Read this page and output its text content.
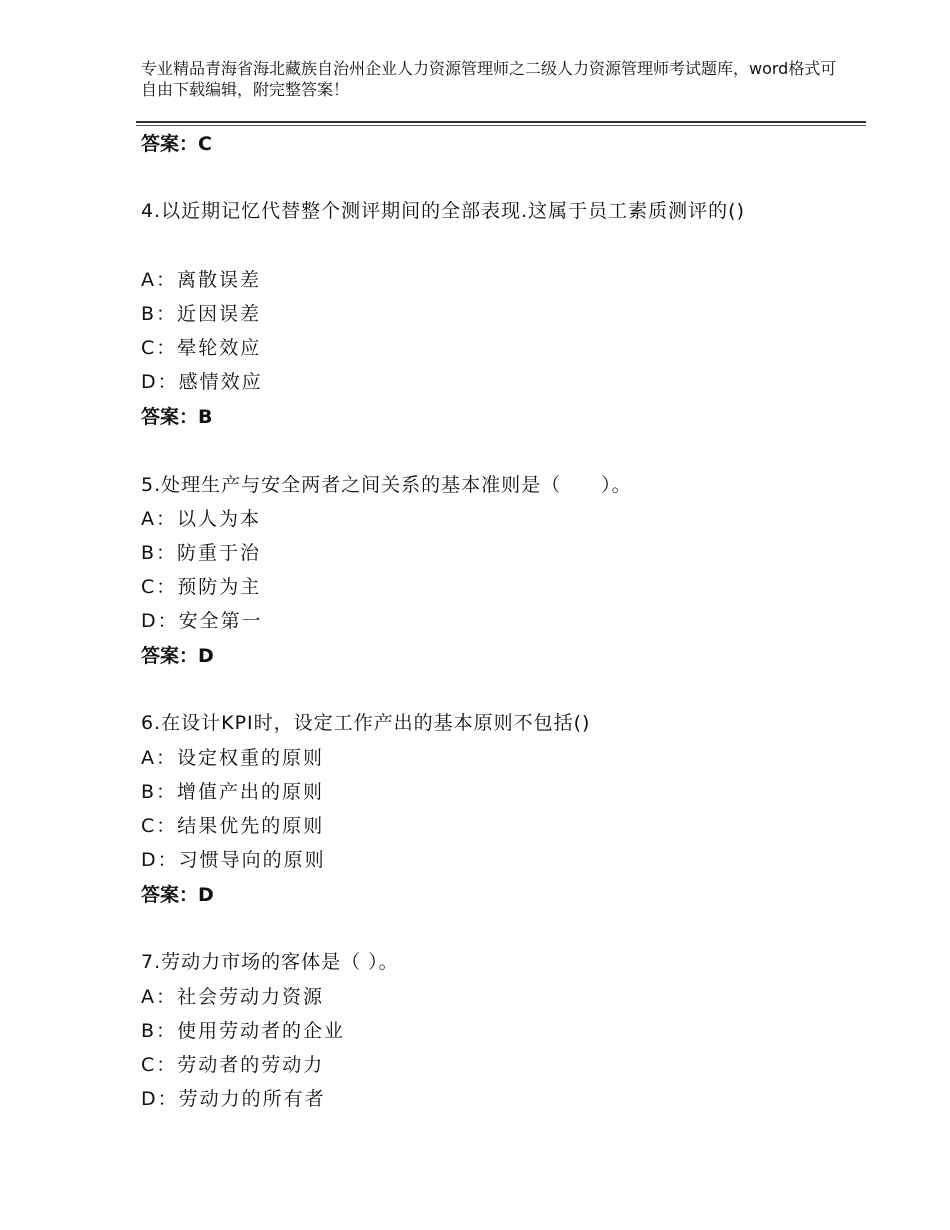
专业精品青海省海北藏族自治州企业人力资源管理师之二级人力资源管理师考试题库，word格式可自由下载编辑，附完整答案！
答案：C
4.以近期记忆代替整个测评期间的全部表现.这属于员工素质测评的()
A：离散误差
B：近因误差
C：晕轮效应
D：感情效应
答案：B
5.处理生产与安全两者之间关系的基本准则是（　　）。
A：以人为本
B：防重于治
C：预防为主
D：安全第一
答案：D
6.在设计KPI时，设定工作产出的基本原则不包括()
A：设定权重的原则
B：增值产出的原则
C：结果优先的原则
D：习惯导向的原则
答案：D
7.劳动力市场的客体是（ ）。
A：社会劳动力资源
B：使用劳动者的企业
C：劳动者的劳动力
D：劳动力的所有者
